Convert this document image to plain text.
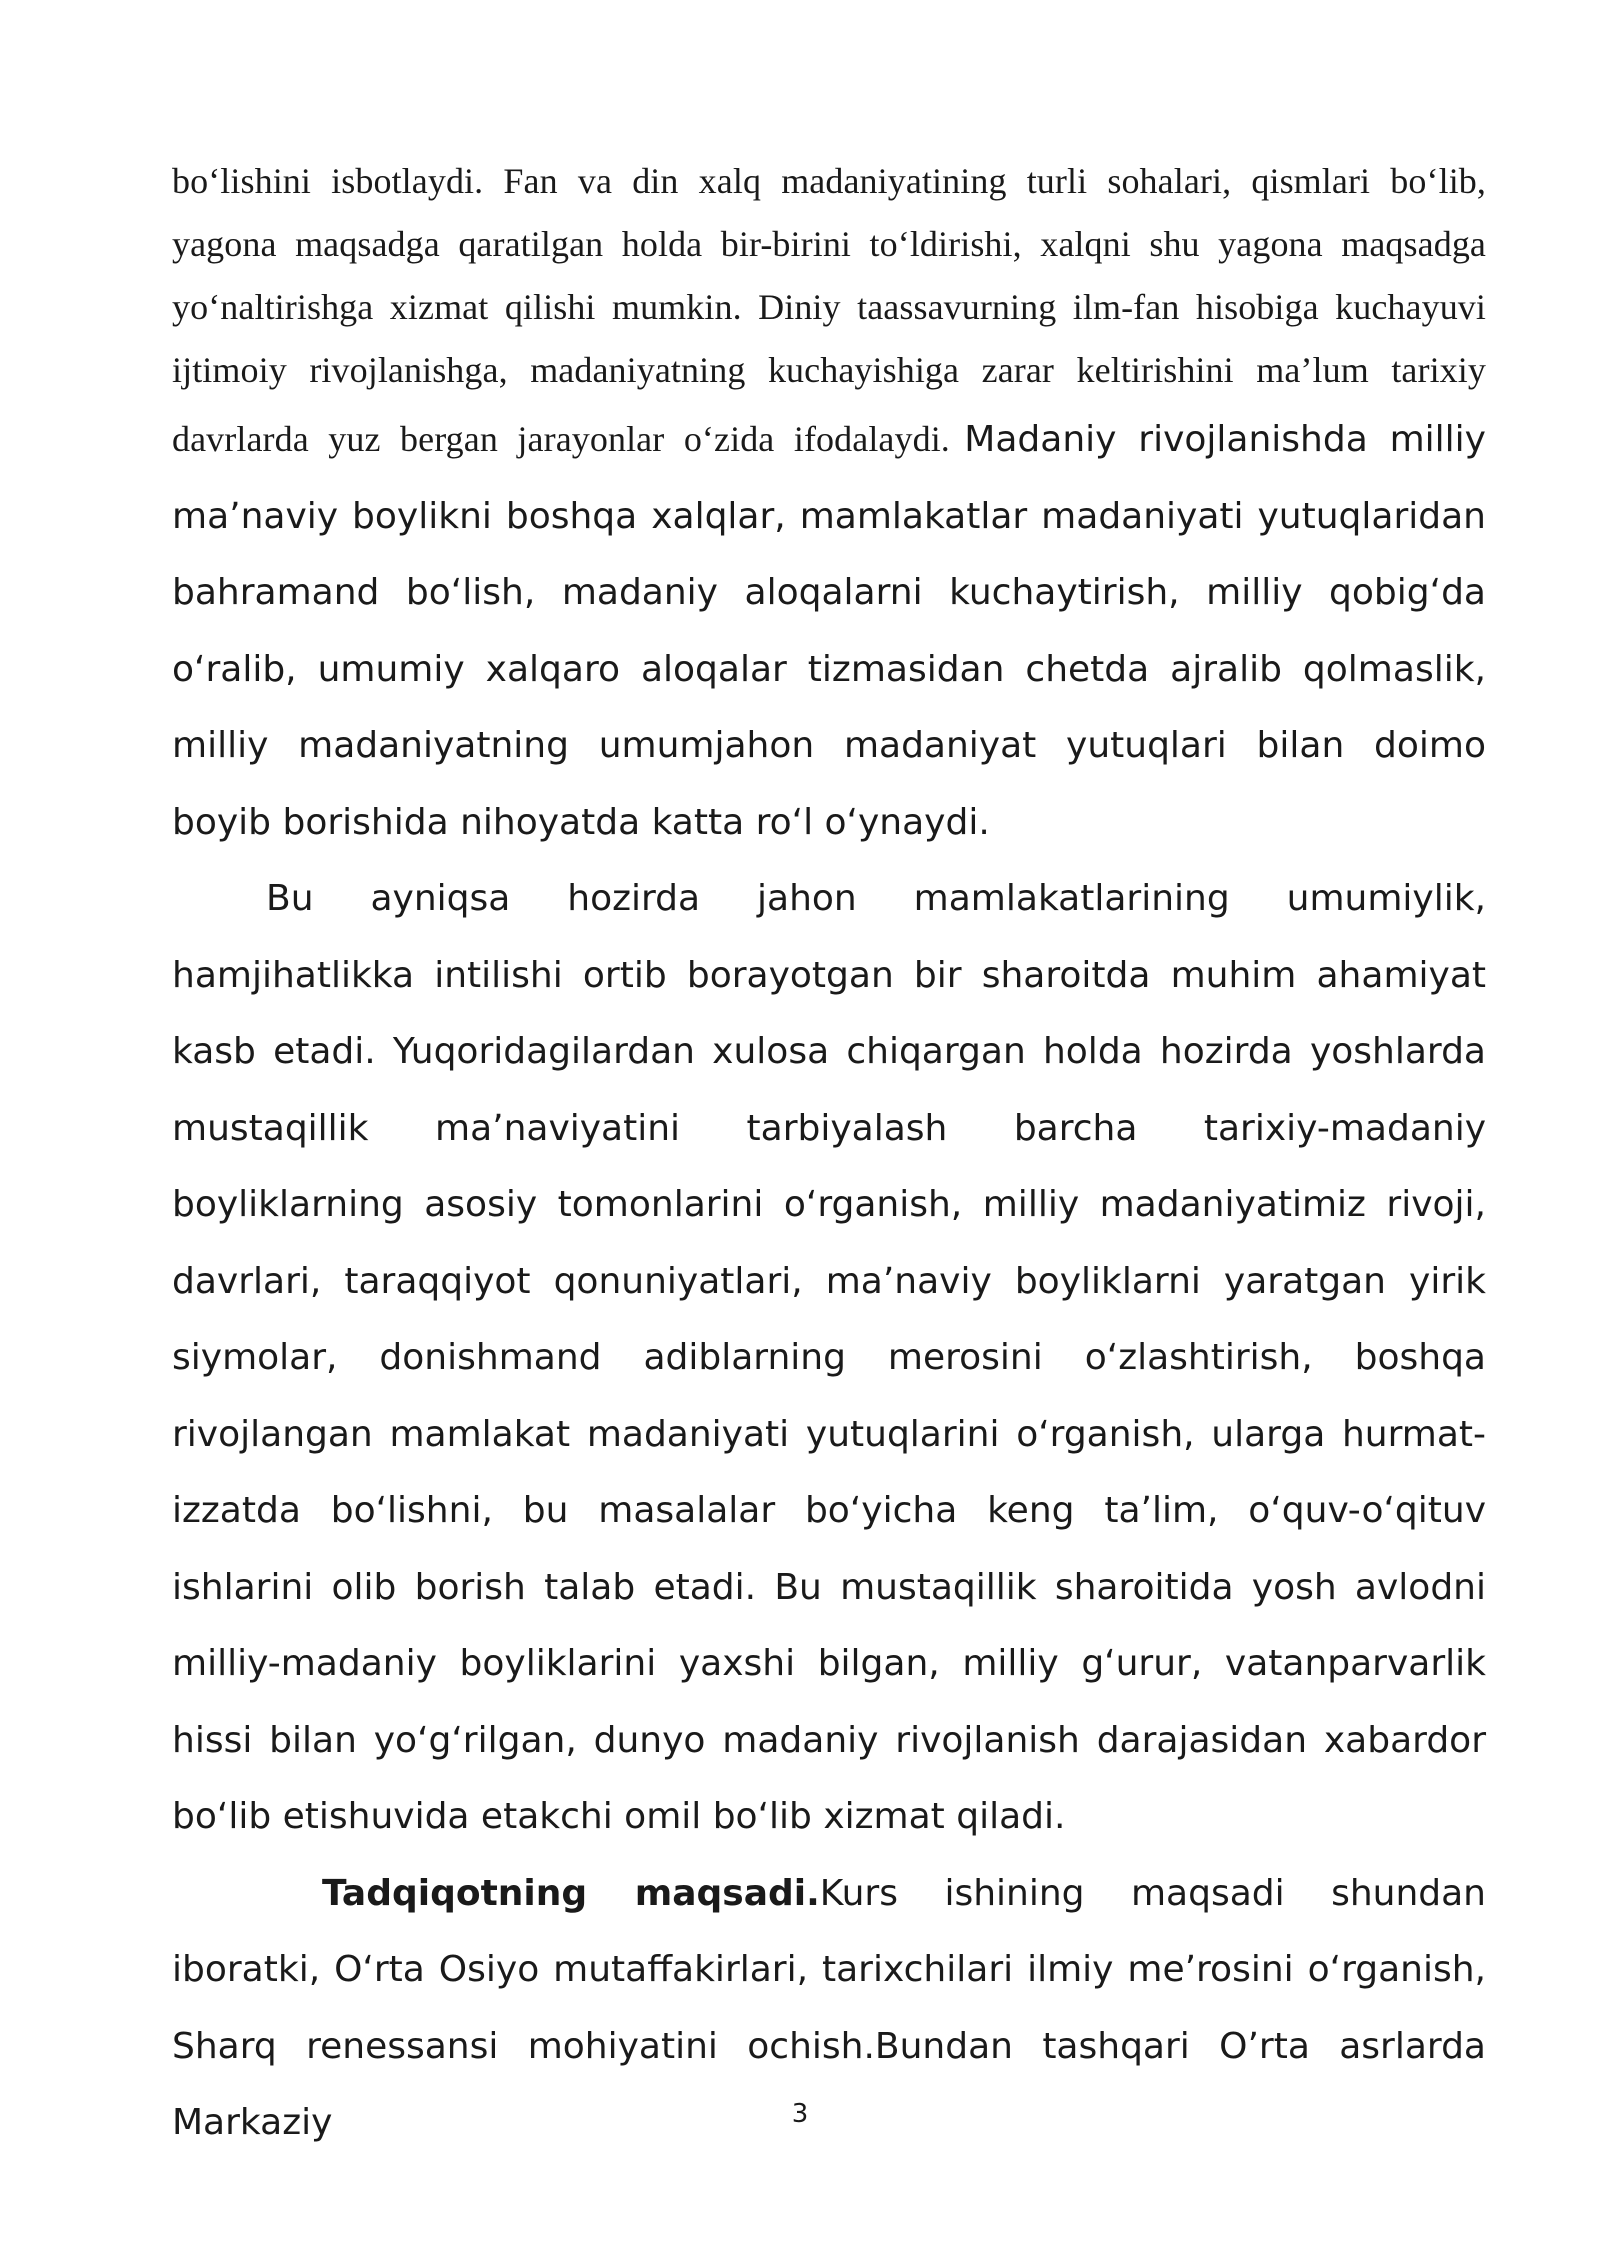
bo‘lishini isbotlaydi. Fan va din xalq madaniyatining turli sohalari, qismlari bo‘lib, yagona maqsadga qaratilgan holda bir-birini to‘ldirishi, xalqni shu yagona maqsadga yo‘naltirishga xizmat qilishi mumkin. Diniy taassavurning ilm-fan hisobiga kuchayuvi ijtimoiy rivojlanishga, madaniyatning kuchayishiga zarar keltirishini ma’lum tarixiy davrlarda yuz bergan jarayonlar o‘zida ifodalaydi. Madaniy rivojlanishda milliy ma’naviy boylikni boshqa xalqlar, mamlakatlar madaniyati yutuqlaridan bahramand bo‘lish, madaniy aloqalarni kuchaytirish, milliy qobig‘da o‘ralib, umumiy xalqaro aloqalar tizmasidan chetda ajralib qolmaslik, milliy madaniyatning umumjahon madaniyat yutuqlari bilan doimo boyib borishida nihoyatda katta ro‘l o‘ynaydi.

Bu ayniqsa hozirda jahon mamlakatlarining umumiylik, hamjihatlikka intilishi ortib borayotgan bir sharoitda muhim ahamiyat kasb etadi. Yuqoridagilardan xulosa chiqargan holda hozirda yoshlarda mustaqillik ma’naviyatini tarbiyalash barcha tarixiy-madaniy boyliklarning asosiy tomonlarini o‘rganish, milliy madaniyatimiz rivoji, davrlari, taraqqiyot qonuniyatlari, ma’naviy boyliklarni yaratgan yirik siymolar, donishmand adiblarning merosini o‘zlashtirish, boshqa rivojlangan mamlakat madaniyati yutuqlarini o‘rganish, ularga hurmat- izzatda bo‘lishni, bu masalalar bo‘yicha keng ta’lim, o‘quv-o‘qituv ishlarini olib borish talab etadi. Bu mustaqillik sharoitida yosh avlodni milliy-madaniy boyliklarini yaxshi bilgan, milliy g‘urur, vatanparvarlik hissi bilan yo‘g‘rilgan, dunyo madaniy rivojlanish darajasidan xabardor bo‘lib etishuvida etakchi omil bo‘lib xizmat qiladi.

Tadqiqotning maqsadi.Kurs ishining maqsadi shundan iboratki, O‘rta Osiyo mutaffakirlari, tarixchilari ilmiy me’rosini o‘rganish, Sharq renessansi mohiyatini ochish.Bundan tashqari O’rta asrlarda Markaziy	3
